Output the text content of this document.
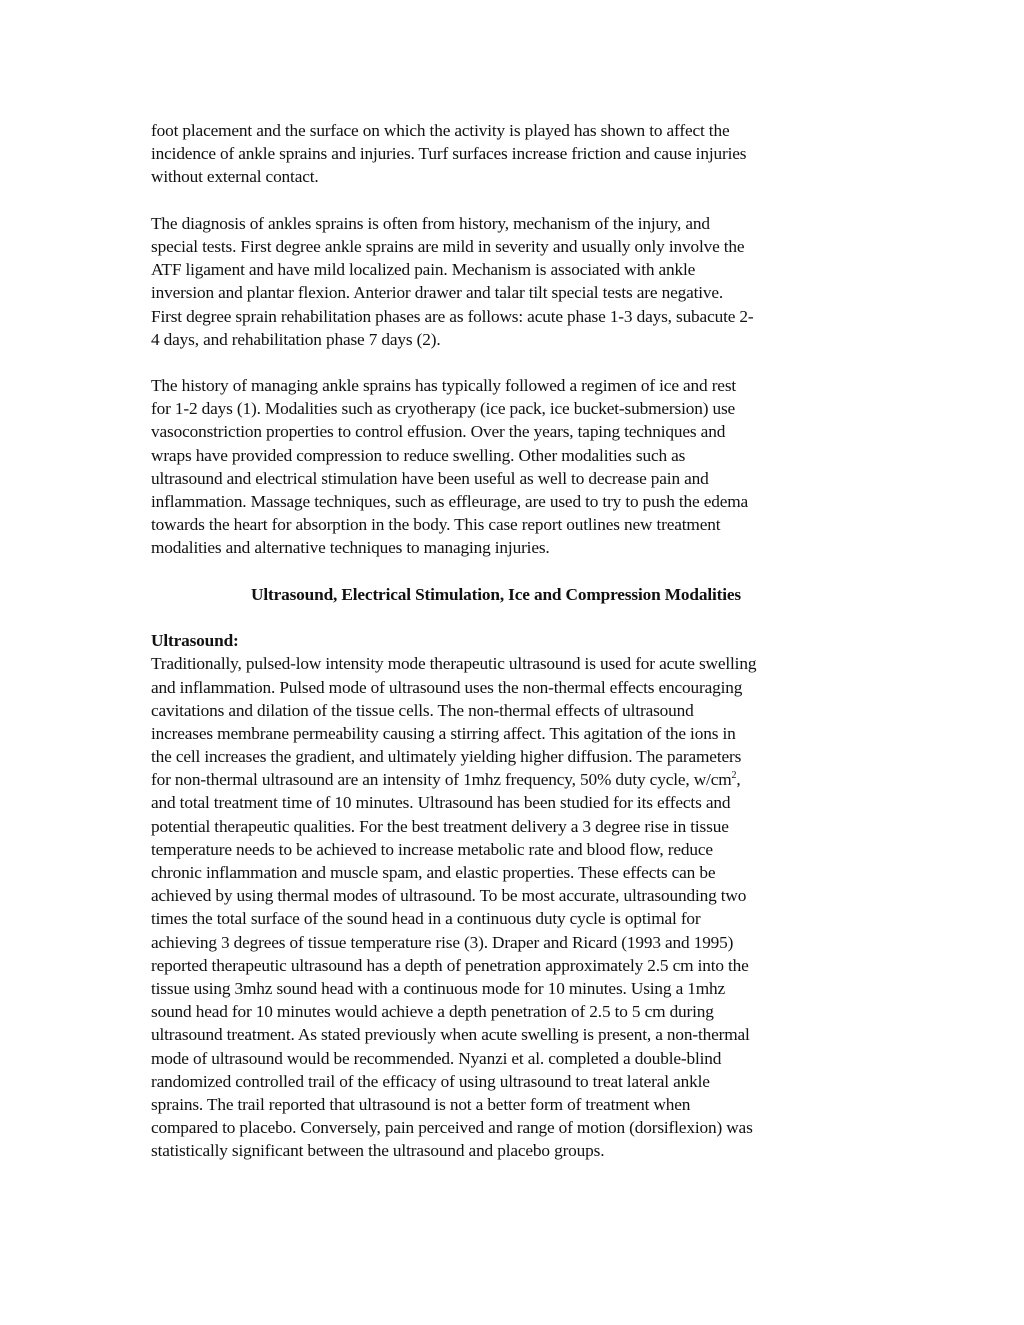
foot placement and the surface on which the activity is played has shown to affect the
incidence of ankle sprains and injuries. Turf surfaces increase friction and cause injuries
without external contact.
The diagnosis of ankles sprains is often from history, mechanism of the injury, and
special tests. First degree ankle sprains are mild in severity and usually only involve the
ATF ligament and have mild localized pain. Mechanism is associated with ankle
inversion and plantar flexion. Anterior drawer and talar tilt special tests are negative.
First degree sprain rehabilitation phases are as follows: acute phase 1-3 days, subacute 2-
4 days, and rehabilitation phase 7 days (2).
The history of managing ankle sprains has typically followed a regimen of ice and rest
for 1-2 days (1). Modalities such as cryotherapy (ice pack, ice bucket-submersion) use
vasoconstriction properties to control effusion. Over the years, taping techniques and
wraps have provided compression to reduce swelling. Other modalities such as
ultrasound and electrical stimulation have been useful as well to decrease pain and
inflammation. Massage techniques, such as effleurage, are used to try to push the edema
towards the heart for absorption in the body. This case report outlines new treatment
modalities and alternative techniques to managing injuries.
Ultrasound, Electrical Stimulation, Ice and Compression Modalities
Ultrasound:
Traditionally, pulsed-low intensity mode therapeutic ultrasound is used for acute swelling
and inflammation. Pulsed mode of ultrasound uses the non-thermal effects encouraging
cavitations and dilation of the tissue cells. The non-thermal effects of ultrasound
increases membrane permeability causing a stirring affect. This agitation of the ions in
the cell increases the gradient, and ultimately yielding higher diffusion. The parameters
for non-thermal ultrasound are an intensity of 1mhz frequency, 50% duty cycle, $w/cm^2$,
and total treatment time of 10 minutes. Ultrasound has been studied for its effects and
potential therapeutic qualities. For the best treatment delivery a 3 degree rise in tissue
temperature needs to be achieved to increase metabolic rate and blood flow, reduce
chronic inflammation and muscle spam, and elastic properties. These effects can be
achieved by using thermal modes of ultrasound. To be most accurate, ultrasounding two
times the total surface of the sound head in a continuous duty cycle is optimal for
achieving 3 degrees of tissue temperature rise (3). Draper and Ricard (1993 and 1995)
reported therapeutic ultrasound has a depth of penetration approximately 2.5 cm into the
tissue using 3mhz sound head with a continuous mode for 10 minutes. Using a 1mhz
sound head for 10 minutes would achieve a depth penetration of 2.5 to 5 cm during
ultrasound treatment. As stated previously when acute swelling is present, a non-thermal
mode of ultrasound would be recommended. Nyanzi et al. completed a double-blind
randomized controlled trail of the efficacy of using ultrasound to treat lateral ankle
sprains. The trail reported that ultrasound is not a better form of treatment when
compared to placebo. Conversely, pain perceived and range of motion (dorsiflexion) was
statistically significant between the ultrasound and placebo groups.
